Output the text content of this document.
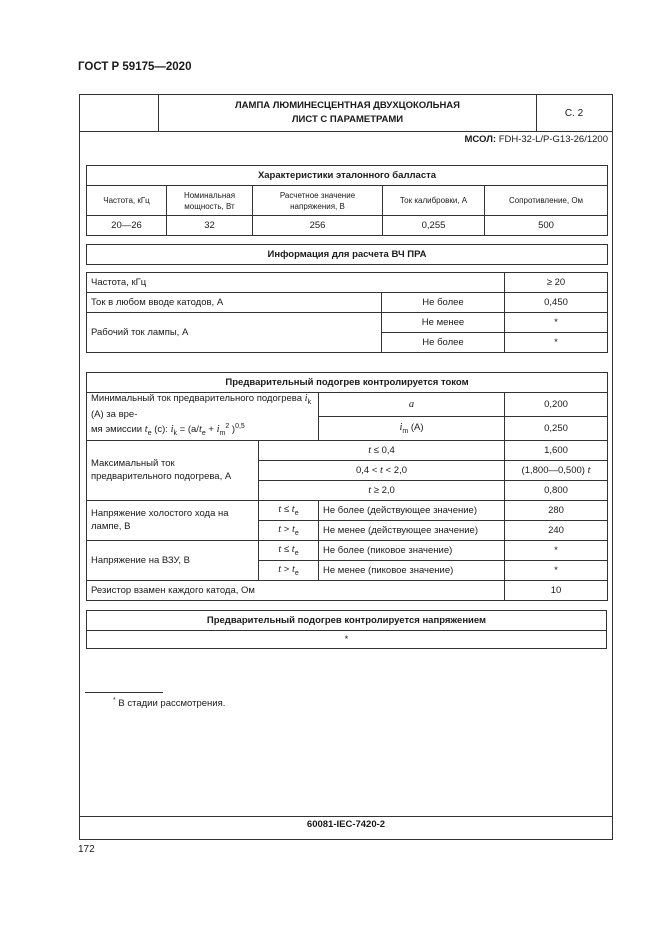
ГОСТ Р 59175—2020
ЛАМПА ЛЮМИНЕСЦЕНТНАЯ ДВУХЦОКОЛЬНАЯ
ЛИСТ С ПАРАМЕТРАМИ
С. 2
МСОЛ: FDH-32-L/P-G13-26/1200
Характеристики эталонного балласта				
Частота, кГц	Номинальная мощность, Вт	Расчетное значение напряжения, В	Ток калибровки, А	Сопротивление, Ом
20—26	32	256	0,255	500
Информация для расчета ВЧ ПРА		

Частота, кГц		≥ 20
Ток в любом вводе катодов, А	Не более	0,450
Рабочий ток лампы, А	Не менее	*
	Не более	*
Предварительный подогрев контролируется током			
Минимальный ток предварительного подогрева $i_k$ (А) за вре-
мя эмиссии $t_e$ (с): $i_k = (a/t_e + i_m^2$ )$^{0,5}$		a	0,200
		$i_m$ (А)	0,250
Максимальный ток предварительного подогрева, А	t ≤ 0,4		1,600
	0,4 < t < 2,0		(1,800—0,500) t
	t ≥ 2,0		0,800
Напряжение холостого хода на лампе, В	$t \le t_e$	Не более (действующее значение)	280
	$t > t_e$	Не менее (действующее значение)	240
Напряжение на ВЗУ, В	$t \le t_e$	Не более (пиковое значение)	*
	$t > t_e$	Не менее (пиковое значение)	*
Резистор взамен каждого катода, Ом			10
Предварительный подогрев контролируется напряжением
*
60081-IEC-7420-2
* В стадии рассмотрения.
172
